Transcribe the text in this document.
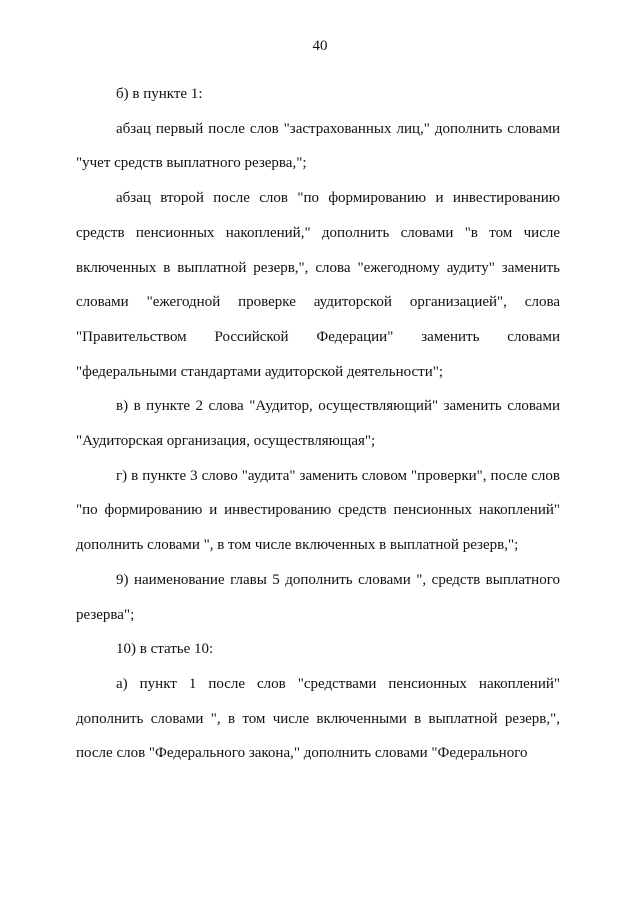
40

б) в пункте 1:

абзац первый после слов "застрахованных лиц," дополнить словами "учет средств выплатного резерва,";

абзац второй после слов "по формированию и инвестированию средств пенсионных накоплений," дополнить словами "в том числе включенных в выплатной резерв,", слова "ежегодному аудиту" заменить словами "ежегодной проверке аудиторской организацией", слова "Правительством Российской Федерации" заменить словами "федеральными стандартами аудиторской деятельности";

в) в пункте 2 слова "Аудитор, осуществляющий" заменить словами "Аудиторская организация, осуществляющая";

г) в пункте 3 слово "аудита" заменить словом "проверки", после слов "по формированию и инвестированию средств пенсионных накоплений" дополнить словами ", в том числе включенных в выплатной резерв,";

9) наименование главы 5 дополнить словами ", средств выплатного резерва";

10) в статье 10:

а) пункт 1 после слов "средствами пенсионных накоплений" дополнить словами ", в том числе включенными в выплатной резерв,", после слов "Федерального закона," дополнить словами "Федерального
